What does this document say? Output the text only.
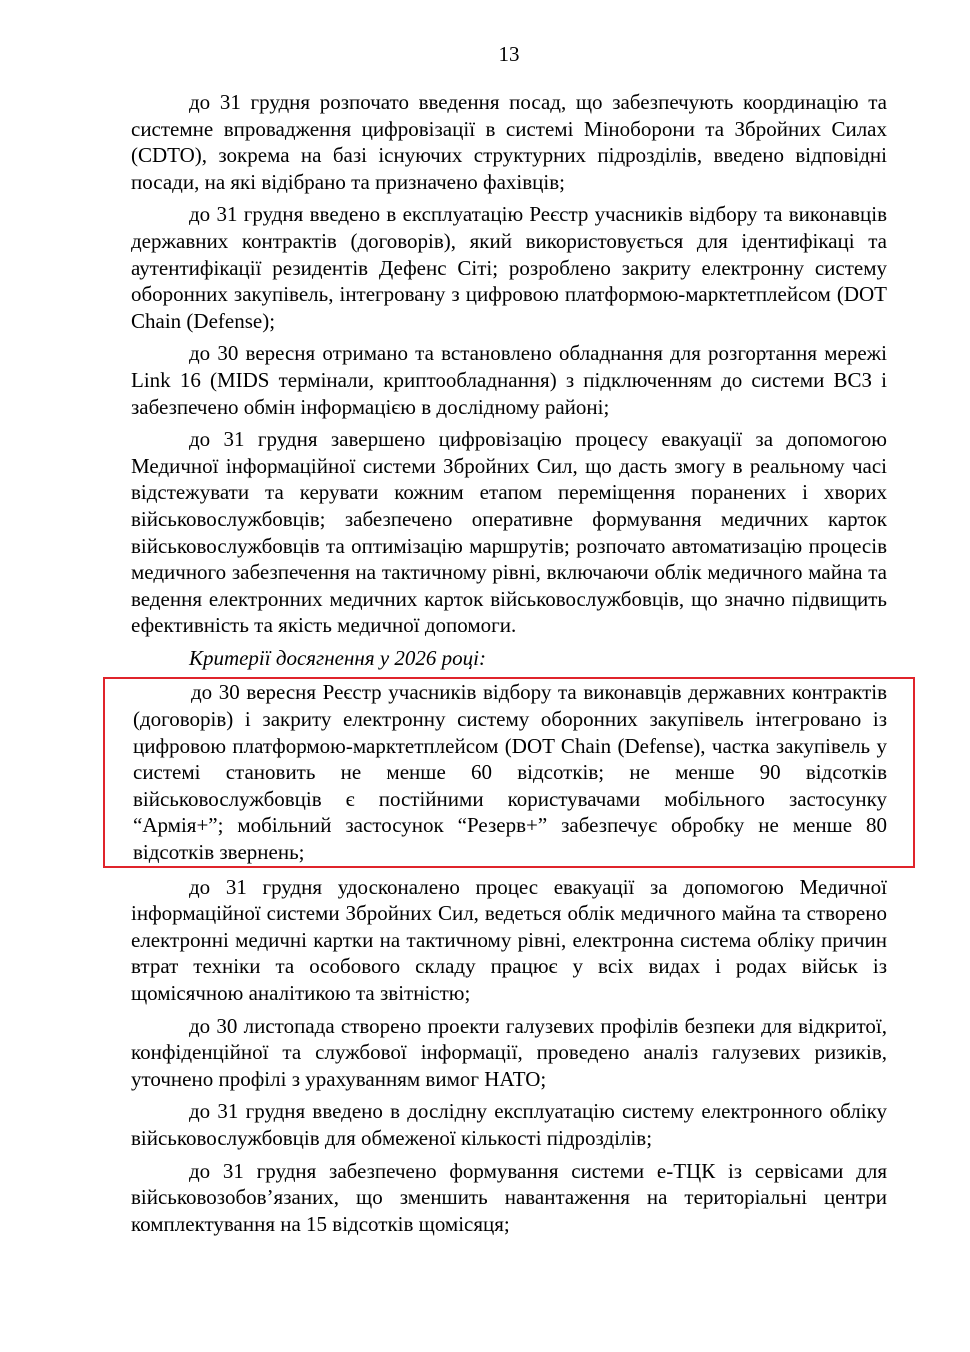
13

до 31 грудня розпочато введення посад, що забезпечують координацію та системне впровадження цифровізації в системі Міноборони та Збройних Силах (CDTO), зокрема на базі існуючих структурних підрозділів, введено відповідні посади, на які відібрано та призначено фахівців;

до 31 грудня введено в експлуатацію Реєстр учасників відбору та виконавців державних контрактів (договорів), який використовується для ідентифікаці та аутентифікації резидентів Дефенс Сіті; розроблено закриту електронну систему оборонних закупівель, інтегровану з цифровою платформою-марктетплейсом (DOT Chain (Defense);

до 30 вересня отримано та встановлено обладнання для розгортання мережі Link 16 (MIDS термінали, криптообладнання) з підключенням до системи ВСЗ і забезпечено обмін інформацією в дослідному районі;

до 31 грудня завершено цифровізацію процесу евакуації за допомогою Медичної інформаційної системи Збройних Сил, що дасть змогу в реальному часі відстежувати та керувати кожним етапом переміщення поранених і хворих військовослужбовців; забезпечено оперативне формування медичних карток військовослужбовців та оптимізацію маршрутів; розпочато автоматизацію процесів медичного забезпечення на тактичному рівні, включаючи облік медичного майна та ведення електронних медичних карток військовослужбовців, що значно підвищить ефективність та якість медичної допомоги.

Критерії досягнення у 2026 році:

до 30 вересня Реєстр учасників відбору та виконавців державних контрактів (договорів) і закриту електронну систему оборонних закупівель інтегровано із цифровою платформою-марктетплейсом (DOT Chain (Defense), частка закупівель у системі становить не менше 60 відсотків; не менше 90 відсотків військовослужбовців є постійними користувачами мобільного застосунку “Армія+”; мобільний застосунок “Резерв+” забезпечує обробку не менше 80 відсотків звернень;

до 31 грудня удосконалено процес евакуації за допомогою Медичної інформаційної системи Збройних Сил, ведеться облік медичного майна та створено електронні медичні картки на тактичному рівні, електронна система обліку причин втрат техніки та особового складу працює у всіх видах і родах військ із щомісячною аналітикою та звітністю;

до 30 листопада створено проекти галузевих профілів безпеки для відкритої, конфіденційної та службової інформації, проведено аналіз галузевих ризиків, уточнено профілі з урахуванням вимог НАТО;

до 31 грудня введено в дослідну експлуатацію систему електронного обліку військовослужбовців для обмеженої кількості підрозділів;

до 31 грудня забезпечено формування системи е-ТЦК із сервісами для військовозобов’язаних, що зменшить навантаження на територіальні центри комплектування на 15 відсотків щомісяця;
